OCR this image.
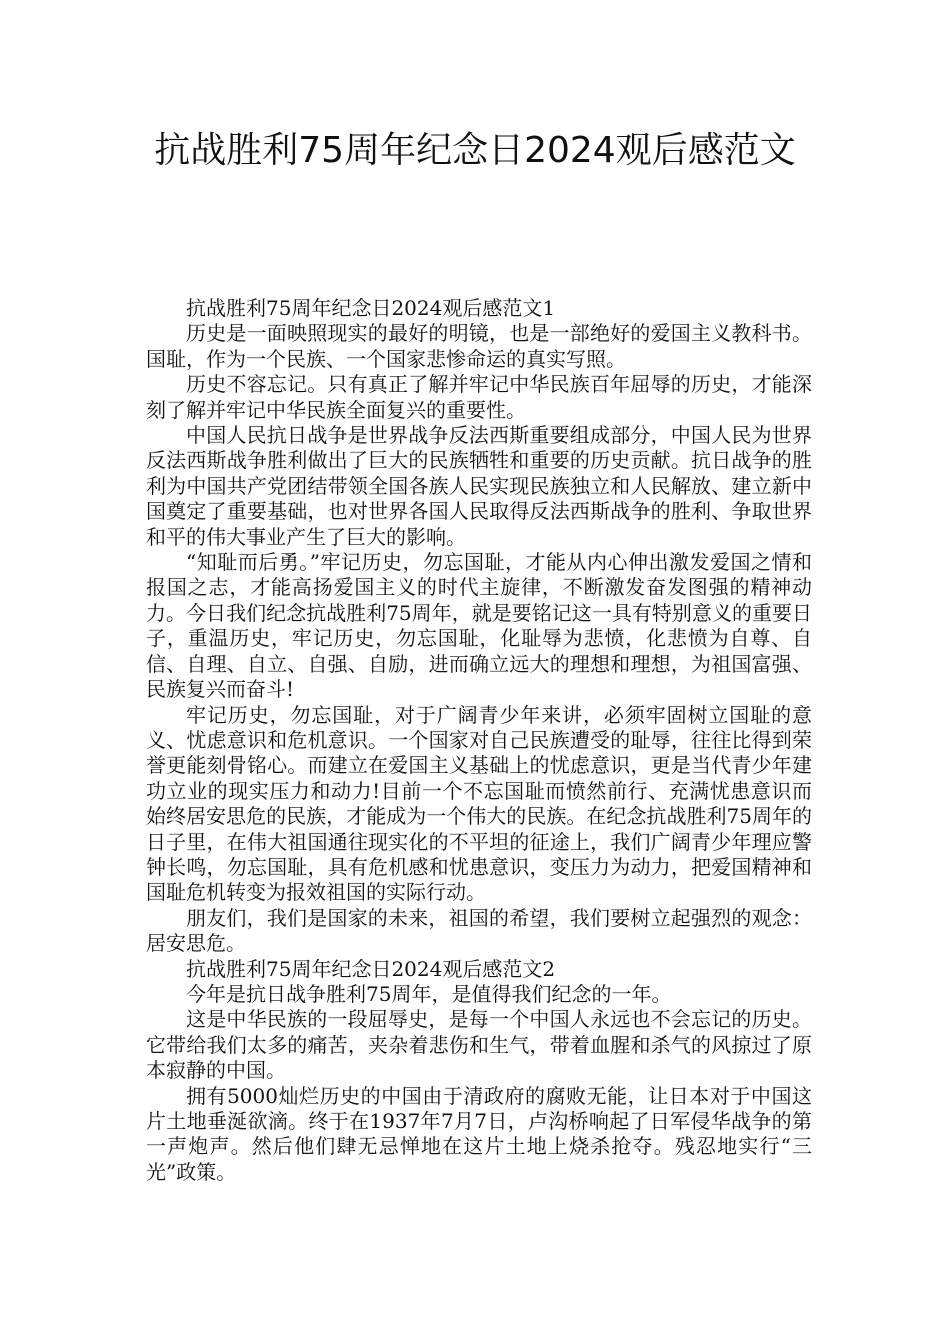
抗战胜利75周年纪念日2024观后感范文

抗战胜利75周年纪念日2024观后感范文1

历史是一面映照现实的最好的明镜，也是一部绝好的爱国主义教科书。国耻，作为一个民族、一个国家悲惨命运的真实写照。

历史不容忘记。只有真正了解并牢记中华民族百年屈辱的历史，才能深刻了解并牢记中华民族全面复兴的重要性。

中国人民抗日战争是世界战争反法西斯重要组成部分，中国人民为世界反法西斯战争胜利做出了巨大的民族牺牲和重要的历史贡献。抗日战争的胜利为中国共产党团结带领全国各族人民实现民族独立和人民解放、建立新中国奠定了重要基础，也对世界各国人民取得反法西斯战争的胜利、争取世界和平的伟大事业产生了巨大的影响。

“知耻而后勇。”牢记历史，勿忘国耻，才能从内心伸出激发爱国之情和报国之志，才能高扬爱国主义的时代主旋律，不断激发奋发图强的精神动力。今日我们纪念抗战胜利75周年，就是要铭记这一具有特别意义的重要日子，重温历史，牢记历史，勿忘国耻，化耻辱为悲愤，化悲愤为自尊、自信、自理、自立、自强、自励，进而确立远大的理想和理想，为祖国富强、民族复兴而奋斗!

牢记历史，勿忘国耻，对于广阔青少年来讲，必须牢固树立国耻的意义、忧虑意识和危机意识。一个国家对自己民族遭受的耻辱，往往比得到荣誉更能刻骨铭心。而建立在爱国主义基础上的忧虑意识，更是当代青少年建功立业的现实压力和动力!目前一个不忘国耻而愤然前行、充满忧患意识而始终居安思危的民族，才能成为一个伟大的民族。在纪念抗战胜利75周年的日子里，在伟大祖国通往现实化的不平坦的征途上，我们广阔青少年理应警钟长鸣，勿忘国耻，具有危机感和忧患意识，变压力为动力，把爱国精神和国耻危机转变为报效祖国的实际行动。

朋友们，我们是国家的未来，祖国的希望，我们要树立起强烈的观念：居安思危。

抗战胜利75周年纪念日2024观后感范文2

今年是抗日战争胜利75周年，是值得我们纪念的一年。

这是中华民族的一段屈辱史，是每一个中国人永远也不会忘记的历史。它带给我们太多的痛苦，夹杂着悲伤和生气，带着血腥和杀气的风掠过了原本寂静的中国。

拥有5000灿烂历史的中国由于清政府的腐败无能，让日本对于中国这片土地垂涎欲滴。终于在1937年7月7日，卢沟桥响起了日军侵华战争的第一声炮声。然后他们肆无忌惮地在这片土地上烧杀抢夺。残忍地实行“三光”政策。
